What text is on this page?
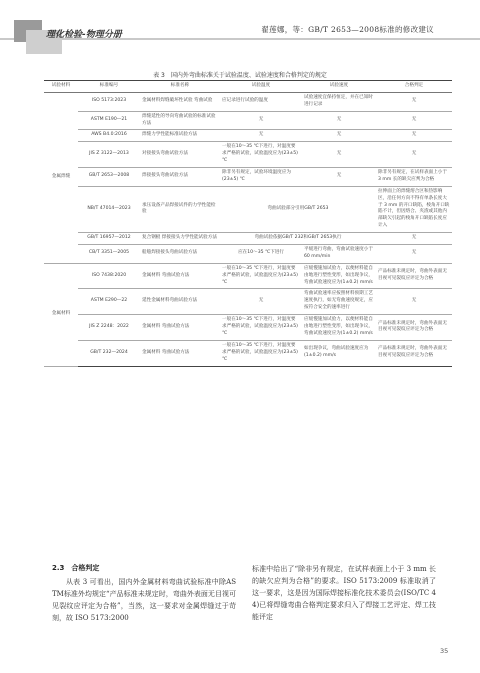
理化检验-物理分册
翟莲娜，等：GB/T 2653—2008标准的修改建议
表 3　国内外弯曲标准关于试验温度、试验速度和合格判定的规定
试验材料	标准编号	标准名称	试验温度	试验速度	合格判定
金属焊缝	ISO 5173:2023	金属材料焊缝破坏性试验 弯曲试验	应记录进行试验的温度	试验速度宜保持恒定，并在已知时进行记录	无
	ASTM E190—21	焊缝延性的导向弯曲试验的标准试验方法	无	无	无
	AWS B4.0:2016	焊缝力学性能标准试验方法	无	无	无
	JIS Z 3122—2013	对接接头弯曲试验方法	一般在10～35 ℃下进行，对温度要求严格的试验，试验温度应为(23±5) ℃	无	无
	GB/T 2653—2008	焊接接头弯曲试验方法	除非另有规定，试验环境温度应为(23±5) ℃	无	除非另有规定，在试样表面上小于 3 mm 长的缺欠应判为合格
	NB/T 47014—2023	承压设备产品焊接试件的力学性能检验	弯曲试验部分引用GB/T 2653		拉伸面上的焊缝熔合区和热影响区，沿任何方向不得有单条长度大于 3 mm 的开口缺陷，棱角开口缺陷不计，但因熔合、夹渣或其他内部缺欠引起的棱角开口缺陷长度应计入
	GB/T 16957—2012	复合钢板 焊接接头力学性能试验方法	弯曲试验依据GB/T 232和GB/T 2653执行		无
	CB/T 3351—2005	船舶焊接接头弯曲试验方法	应在10～35 ℃下进行	平缓进行弯曲，弯曲试验速度小于 60 mm/min	无
金属材料	ISO 7438:2020	金属材料 弯曲试验方法	一般在10～35 ℃下进行，对温度要求严格的试验，试验温度应为(23±5) ℃	应缓慢施加试验力，以便材料能自由地进行塑性变形，如出现争议，弯曲试验速度应为(1±0.2) mm/s	产品标准未规定时，弯曲外表面无目视可见裂纹应评定为合格
	ASTM E290—22	延性金属材料弯曲试验方法	无	弯曲试验速率应按照材料预期工艺速度执行，如无弯曲速度规定，应按符合安全的速率进行	无
	JIS Z 2248：2022	金属材料 弯曲试验方法	一般在10～35 ℃下进行，对温度要求严格的试验，试验温度应为(23±5) ℃	应缓慢施加试验力，以便材料能自由地进行塑性变形，如出现争议，弯曲试验速度应为(1±0.2) mm/s	产品标准未规定时，弯曲外表面无目视可见裂纹应评定为合格
	GB/T 232—2024	金属材料 弯曲试验方法	一般在10～35 ℃下进行，对温度要求严格的试验，试验温度应为(23±5) ℃	如出现争议，弯曲试验速度应为(1±0.2) mm/s	产品标准未规定时，弯曲外表面无目视可见裂纹应评定为合格
2.3　合格判定
从表 3 可看出，国内外金属材料弯曲试验标准中除ASTM标准外均规定“产品标准未规定时，弯曲外表面无目视可见裂纹应评定为合格”，当然，这一要求对金属焊缝过于苛刻，故 ISO 5173:2000
标准中给出了“除非另有规定，在试样表面上小于 3 mm 长的缺欠应判为合格”的要求。ISO 5173:2009 标准取消了这一要求，这是因为国际焊接标准化技术委员会(ISO/TC 44)已将焊缝弯曲合格判定要求归入了焊接工艺评定、焊工技能评定
35
